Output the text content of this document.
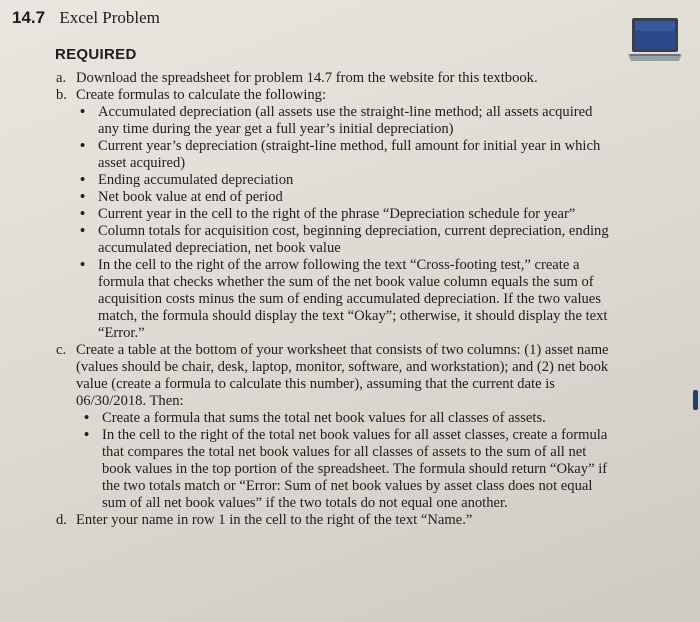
14.7 Excel Problem
REQUIRED
a. Download the spreadsheet for problem 14.7 from the website for this textbook.
b. Create formulas to calculate the following:
• Accumulated depreciation (all assets use the straight-line method; all assets acquired any time during the year get a full year’s initial depreciation)
• Current year’s depreciation (straight-line method, full amount for initial year in which asset acquired)
• Ending accumulated depreciation
• Net book value at end of period
• Current year in the cell to the right of the phrase “Depreciation schedule for year”
• Column totals for acquisition cost, beginning depreciation, current depreciation, ending accumulated depreciation, net book value
• In the cell to the right of the arrow following the text “Cross-footing test,” create a formula that checks whether the sum of the net book value column equals the sum of acquisition costs minus the sum of ending accumulated depreciation. If the two values match, the formula should display the text “Okay”; otherwise, it should display the text “Error.”
c. Create a table at the bottom of your worksheet that consists of two columns: (1) asset name (values should be chair, desk, laptop, monitor, software, and workstation); and (2) net book value (create a formula to calculate this number), assuming that the current date is 06/30/2018. Then:
• Create a formula that sums the total net book values for all classes of assets.
• In the cell to the right of the total net book values for all asset classes, create a formula that compares the total net book values for all classes of assets to the sum of all net book values in the top portion of the spreadsheet. The formula should return “Okay” if the two totals match or “Error: Sum of net book values by asset class does not equal sum of all net book values” if the two totals do not equal one another.
d. Enter your name in row 1 in the cell to the right of the text “Name.”
